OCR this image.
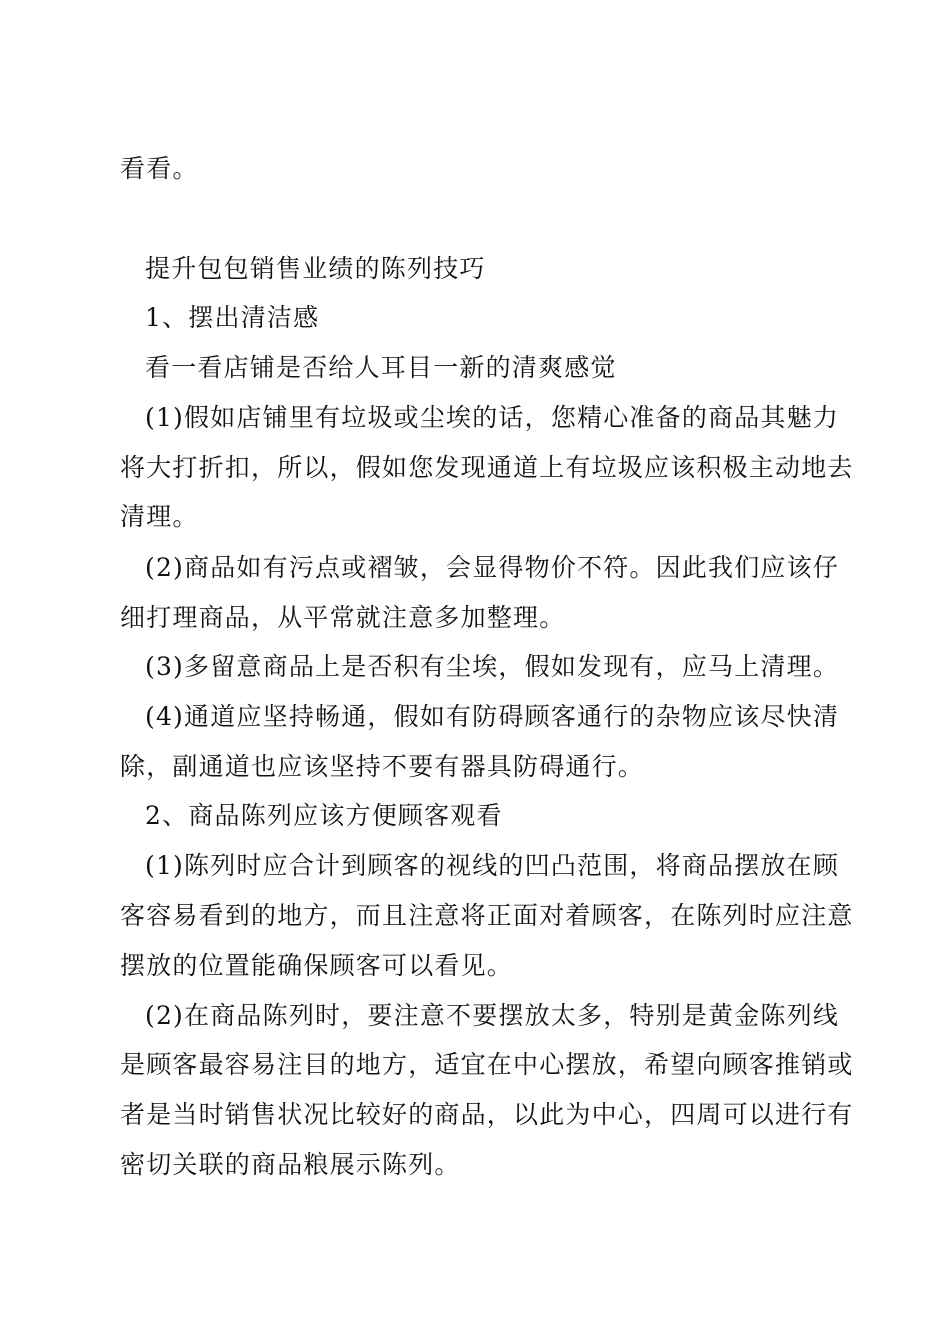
看看。
提升包包销售业绩的陈列技巧
1、摆出清洁感
看一看店铺是否给人耳目一新的清爽感觉
(1)假如店铺里有垃圾或尘埃的话，您精心准备的商品其魅力
将大打折扣，所以，假如您发现通道上有垃圾应该积极主动地去
清理。
(2)商品如有污点或褶皱，会显得物价不符。因此我们应该仔
细打理商品，从平常就注意多加整理。
(3)多留意商品上是否积有尘埃，假如发现有，应马上清理。
(4)通道应坚持畅通，假如有防碍顾客通行的杂物应该尽快清
除，副通道也应该坚持不要有器具防碍通行。
2、商品陈列应该方便顾客观看
(1)陈列时应合计到顾客的视线的凹凸范围，将商品摆放在顾
客容易看到的地方，而且注意将正面对着顾客，在陈列时应注意
摆放的位置能确保顾客可以看见。
(2)在商品陈列时，要注意不要摆放太多，特别是黄金陈列线
是顾客最容易注目的地方，适宜在中心摆放，希望向顾客推销或
者是当时销售状况比较好的商品，以此为中心，四周可以进行有
密切关联的商品粮展示陈列。
